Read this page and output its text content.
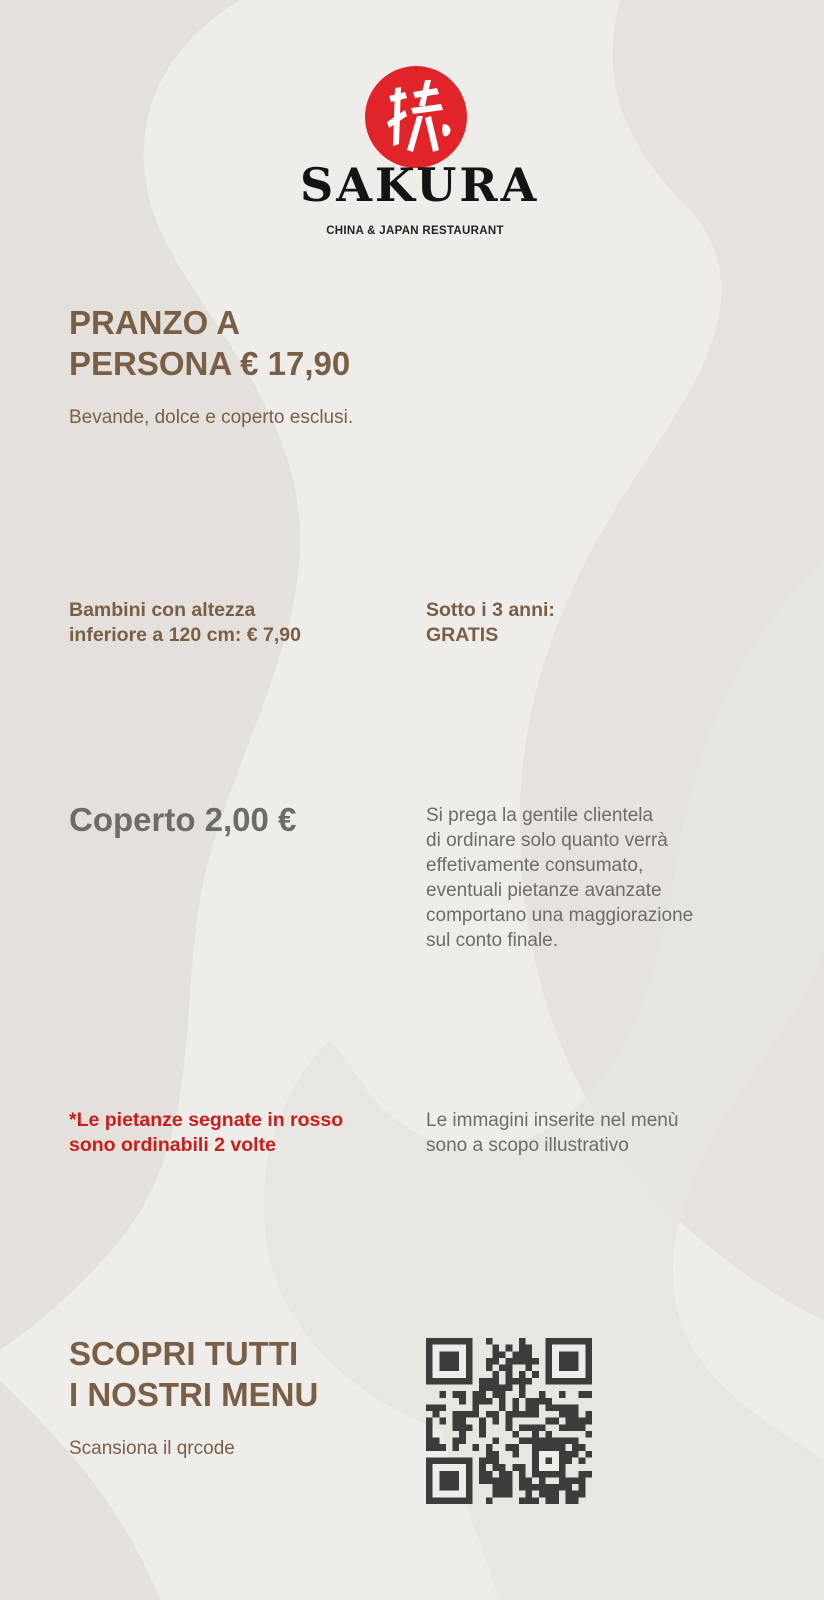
SAKURA
CHINA & JAPAN RESTAURANT
PRANZO A
PERSONA € 17,90
Bevande, dolce e coperto esclusi.
Bambini con altezza
inferiore a 120 cm: € 7,90
Sotto i 3 anni:
GRATIS
Coperto 2,00 €	Si prega la gentile clientela
di ordinare solo quanto verrà
effetivamente consumato,
eventuali pietanze avanzate
comportano una maggiorazione
sul conto finale.
*Le pietanze segnate in rosso
sono ordinabili 2 volte
Le immagini inserite nel menù
sono a scopo illustrativo
SCOPRI TUTTI
I NOSTRI MENU
Scansiona il qrcode
